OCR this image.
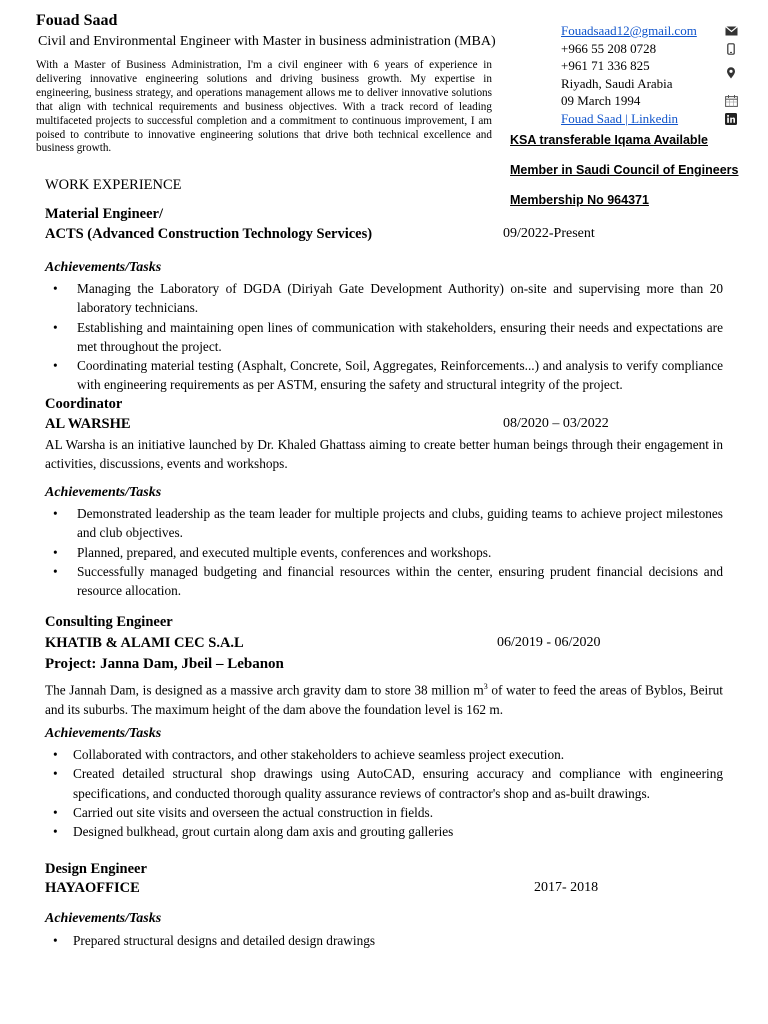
Fouad Saad
Civil and Environmental Engineer with Master in business administration (MBA)
With a Master of Business Administration, I'm a civil engineer with 6 years of experience in delivering innovative engineering solutions and driving business growth. My expertise in engineering, business strategy, and operations management allows me to deliver innovative solutions that align with technical requirements and business objectives. With a track record of leading multifaceted projects to successful completion and a commitment to continuous improvement, I am poised to contribute to innovative engineering solutions that drive both technical excellence and business growth.
Fouadsaad12@gmail.com
+966 55 208 0728
+961 71 336 825
Riyadh, Saudi Arabia
09 March 1994
Fouad Saad | Linkedin
KSA transferable Iqama Available
Member in Saudi Council of Engineers
Membership No 964371
WORK EXPERIENCE
Material Engineer/
ACTS (Advanced Construction Technology Services)	09/2022-Present
Achievements/Tasks
• Managing the Laboratory of DGDA (Diriyah Gate Development Authority) on-site and supervising more than 20 laboratory technicians.
• Establishing and maintaining open lines of communication with stakeholders, ensuring their needs and expectations are met throughout the project.
• Coordinating material testing (Asphalt, Concrete, Soil, Aggregates, Reinforcements...) and analysis to verify compliance with engineering requirements as per ASTM, ensuring the safety and structural integrity of the project.
Coordinator
AL WARSHE	08/2020 – 03/2022
AL Warsha is an initiative launched by Dr. Khaled Ghattass aiming to create better human beings through their engagement in activities, discussions, events and workshops.
Achievements/Tasks
• Demonstrated leadership as the team leader for multiple projects and clubs, guiding teams to achieve project milestones and club objectives.
• Planned, prepared, and executed multiple events, conferences and workshops.
• Successfully managed budgeting and financial resources within the center, ensuring prudent financial decisions and resource allocation.
Consulting Engineer
KHATIB & ALAMI CEC S.A.L	06/2019 - 06/2020
Project: Janna Dam, Jbeil – Lebanon
The Jannah Dam, is designed as a massive arch gravity dam to store 38 million $m^3$ of water to feed the areas of Byblos, Beirut and its suburbs. The maximum height of the dam above the foundation level is 162 m.
Achievements/Tasks
• Collaborated with contractors, and other stakeholders to achieve seamless project execution.
• Created detailed structural shop drawings using AutoCAD, ensuring accuracy and compliance with engineering specifications, and conducted thorough quality assurance reviews of contractor's shop and as-built drawings.
• Carried out site visits and overseen the actual construction in fields.
• Designed bulkhead, grout curtain along dam axis and grouting galleries
Design Engineer
HAYAOFFICE	2017- 2018
Achievements/Tasks
• Prepared structural designs and detailed design drawings
